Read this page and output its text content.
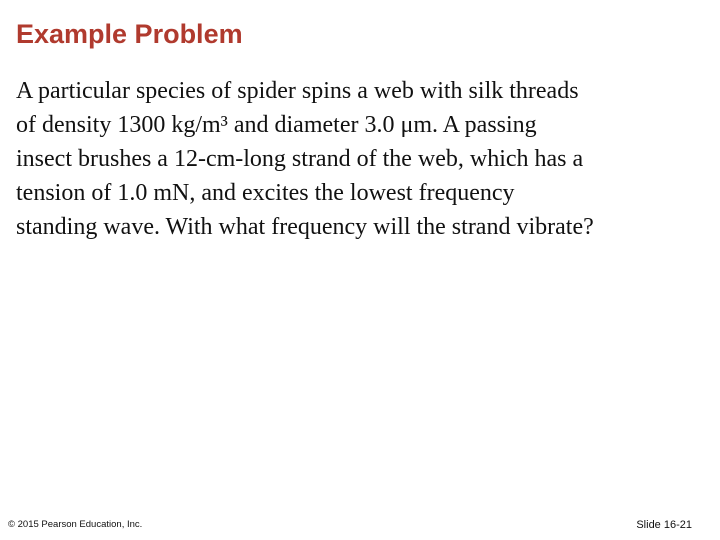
Example Problem

A particular species of spider spins a web with silk threads
of density 1300 kg/m³ and diameter 3.0 μm. A passing
insect brushes a 12-cm-long strand of the web, which has a
tension of 1.0 mN, and excites the lowest frequency
standing wave. With what frequency will the strand vibrate?

© 2015 Pearson Education, Inc.	Slide 16-21
